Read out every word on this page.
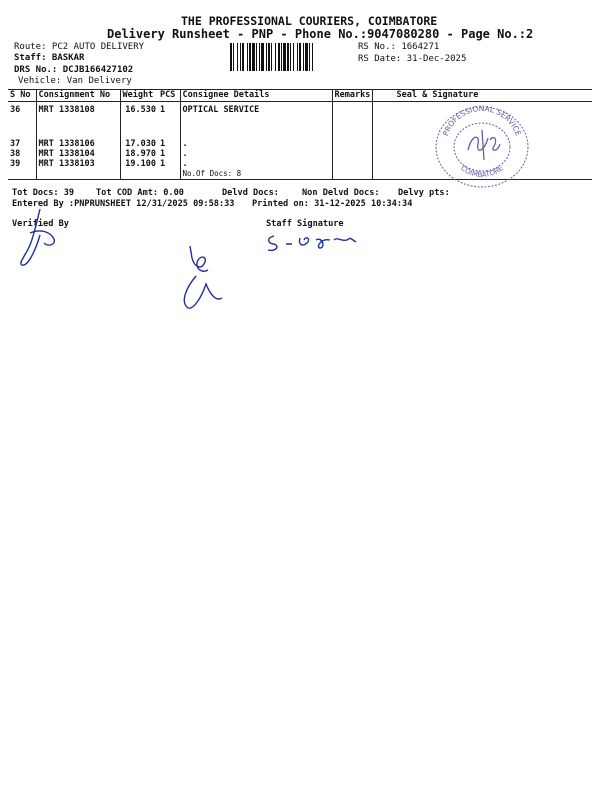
THE PROFESSIONAL COURIERS, COIMBATORE
Delivery Runsheet - PNP - Phone No.:9047080280 - Page No.:2
Route: PC2 AUTO DELIVERY
Staff: BASKAR
DRS No.: DCJB166427102
Vehicle: Van Delivery
RS No.: 1664271
RS Date: 31-Dec-2025
S No	Consignment No	Weight	PCS	Consignee Details	Remarks	Seal & Signature
36	MRT 1338108	16.530	1	OPTICAL SERVICE		
37	MRT 1338106	17.030	1	.		
38	MRT 1338104	18.970	1	.		
39	MRT 1338103	19.100	1	.		
				No.Of Docs: 8		
PROFESSIONAL SERVICE
COIMBATORE
Tot Docs: 39	Tot COD Amt: 0.00	Delvd Docs:	Non Delvd Docs: Delvy pts:
Entered By :PNPRUNSHEET 12/31/2025 09:58:33 Printed on: 31-12-2025 10:34:34
Verified By	Staff Signature
